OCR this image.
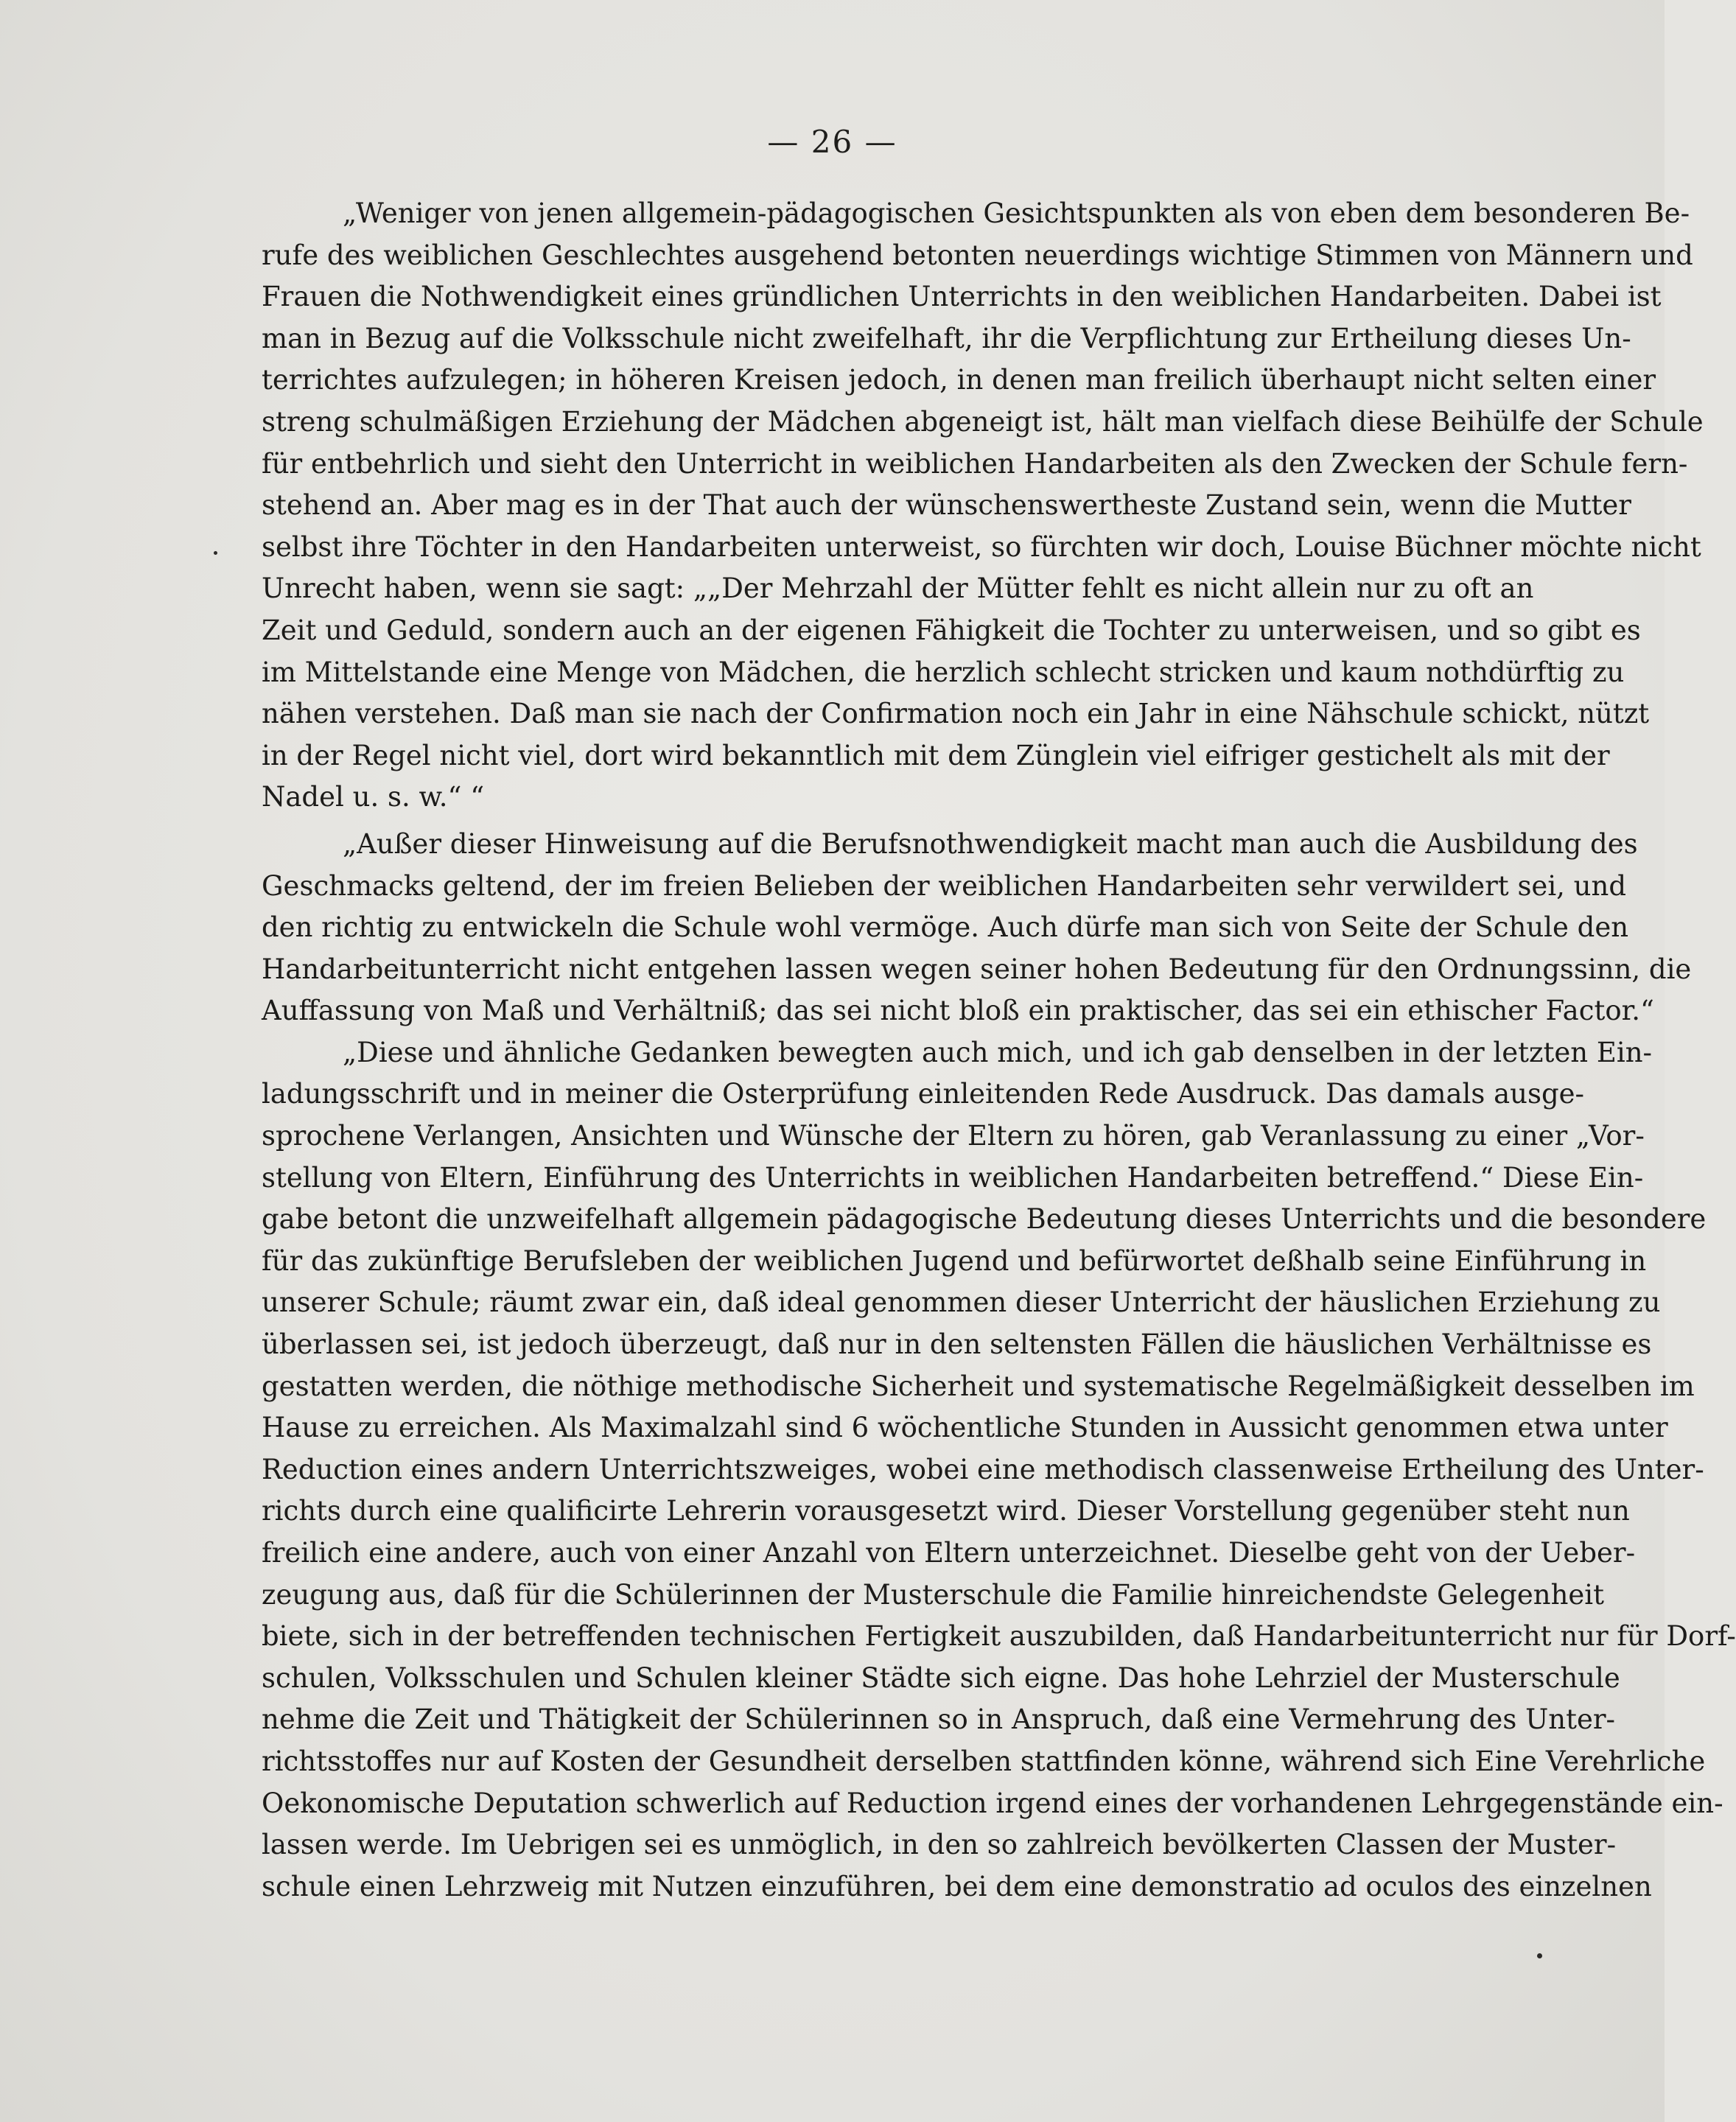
— 26 —
„Weniger von jenen allgemein-pädagogischen Gesichtspunkten als von eben dem besonderen Be-
rufe des weiblichen Geschlechtes ausgehend betonten neuerdings wichtige Stimmen von Männern und
Frauen die Nothwendigkeit eines gründlichen Unterrichts in den weiblichen Handarbeiten. Dabei ist
man in Bezug auf die Volksschule nicht zweifelhaft, ihr die Verpflichtung zur Ertheilung dieses Un-
terrichtes aufzulegen; in höheren Kreisen jedoch, in denen man freilich überhaupt nicht selten einer
streng schulmäßigen Erziehung der Mädchen abgeneigt ist, hält man vielfach diese Beihülfe der Schule
für entbehrlich und sieht den Unterricht in weiblichen Handarbeiten als den Zwecken der Schule fern-
stehend an. Aber mag es in der That auch der wünschenswertheste Zustand sein, wenn die Mutter
selbst ihre Töchter in den Handarbeiten unterweist, so fürchten wir doch, Louise Büchner möchte nicht
Unrecht haben, wenn sie sagt: „„Der Mehrzahl der Mütter fehlt es nicht allein nur zu oft an
Zeit und Geduld, sondern auch an der eigenen Fähigkeit die Tochter zu unterweisen, und so gibt es
im Mittelstande eine Menge von Mädchen, die herzlich schlecht stricken und kaum nothdürftig zu
nähen verstehen. Daß man sie nach der Confirmation noch ein Jahr in eine Nähschule schickt, nützt
in der Regel nicht viel, dort wird bekanntlich mit dem Zünglein viel eifriger gestichelt als mit der
Nadel u. s. w.“ “
„Außer dieser Hinweisung auf die Berufsnothwendigkeit macht man auch die Ausbildung des
Geschmacks geltend, der im freien Belieben der weiblichen Handarbeiten sehr verwildert sei, und
den richtig zu entwickeln die Schule wohl vermöge. Auch dürfe man sich von Seite der Schule den
Handarbeitunterricht nicht entgehen lassen wegen seiner hohen Bedeutung für den Ordnungssinn, die
Auffassung von Maß und Verhältniß; das sei nicht bloß ein praktischer, das sei ein ethischer Factor.“
„Diese und ähnliche Gedanken bewegten auch mich, und ich gab denselben in der letzten Ein-
ladungsschrift und in meiner die Osterprüfung einleitenden Rede Ausdruck. Das damals ausge-
sprochene Verlangen, Ansichten und Wünsche der Eltern zu hören, gab Veranlassung zu einer „Vor-
stellung von Eltern, Einführung des Unterrichts in weiblichen Handarbeiten betreffend.“ Diese Ein-
gabe betont die unzweifelhaft allgemein pädagogische Bedeutung dieses Unterrichts und die besondere
für das zukünftige Berufsleben der weiblichen Jugend und befürwortet deßhalb seine Einführung in
unserer Schule; räumt zwar ein, daß ideal genommen dieser Unterricht der häuslichen Erziehung zu
überlassen sei, ist jedoch überzeugt, daß nur in den seltensten Fällen die häuslichen Verhältnisse es
gestatten werden, die nöthige methodische Sicherheit und systematische Regelmäßigkeit desselben im
Hause zu erreichen. Als Maximalzahl sind 6 wöchentliche Stunden in Aussicht genommen etwa unter
Reduction eines andern Unterrichtszweiges, wobei eine methodisch classenweise Ertheilung des Unter-
richts durch eine qualificirte Lehrerin vorausgesetzt wird. Dieser Vorstellung gegenüber steht nun
freilich eine andere, auch von einer Anzahl von Eltern unterzeichnet. Dieselbe geht von der Ueber-
zeugung aus, daß für die Schülerinnen der Musterschule die Familie hinreichendste Gelegenheit
biete, sich in der betreffenden technischen Fertigkeit auszubilden, daß Handarbeitunterricht nur für Dorf-
schulen, Volksschulen und Schulen kleiner Städte sich eigne. Das hohe Lehrziel der Musterschule
nehme die Zeit und Thätigkeit der Schülerinnen so in Anspruch, daß eine Vermehrung des Unter-
richtsstoffes nur auf Kosten der Gesundheit derselben stattfinden könne, während sich Eine Verehrliche
Oekonomische Deputation schwerlich auf Reduction irgend eines der vorhandenen Lehrgegenstände ein-
lassen werde. Im Uebrigen sei es unmöglich, in den so zahlreich bevölkerten Classen der Muster-
schule einen Lehrzweig mit Nutzen einzuführen, bei dem eine demonstratio ad oculos des einzelnen
